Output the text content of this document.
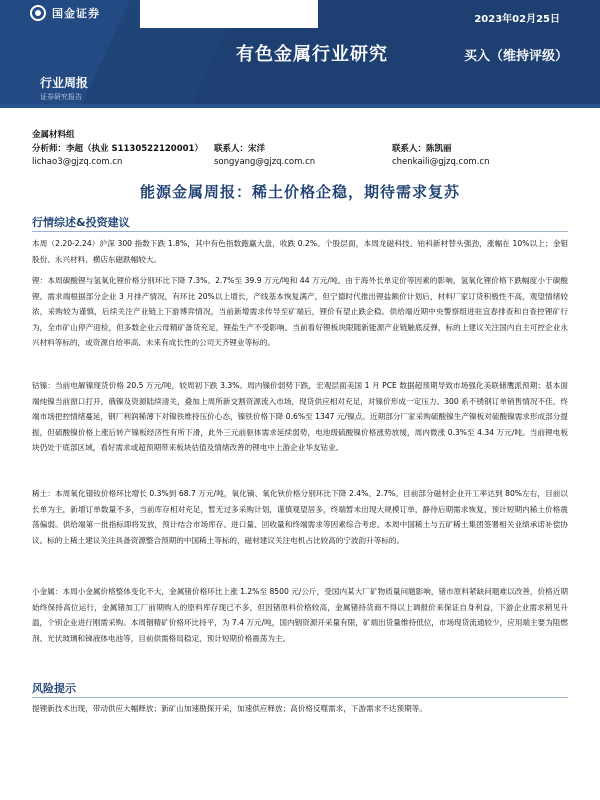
国金证券	2023年02月25日
有色金属行业研究	买入（维持评级）
行业周报
证券研究报告
金属材料组
分析师：李超（执业 S1130522120001）
lichao3@gjzq.com.cn
联系人：宋洋
songyang@gjzq.com.cn
联系人：陈凯丽
chenkaili@gjzq.com.cn
能源金属周报：稀土价格企稳，期待需求复苏
行情综述&投资建议
本周（2.20-2.24）沪深 300 指数下跌 1.8%，其中有色指数跑赢大盘，收跌 0.2%。个股层面，本周龙磁科技、铂科新材替头强劲，涨幅在 10%以上；金钼股份、永兴材料、横店东磁跌幅较大。
锂：本周碳酸锂与氢氧化锂价格分别环比下降 7.3%、2.7%至 39.9 万元/吨和 44 万元/吨。由于海外长单定价等因素的影响，氢氧化锂价格下跌幅度小于碳酸锂。需求端根据部分企业 3 月排产情况，有环比 20%以上增长，产线基本恢复满产，但宁德时代推出锂盐额价计划后，材料厂家订货积极性不高，观望情绪较浓，采购较为谨慎，后续关注产业链上下游博弈情况，当前新增需求传导至矿端后，锂价有望止跌企稳。供给端近期中央警察组进驻宜春排查和自查控锂矿行为，全市矿山停产迎检，但多数企业云母精矿备货充足，锂盐生产不受影响。当前看好锂板块限随新能源产业链触底反弹，标的上建议关注国内自主可控企业永兴材料等标的，或资源自给率高、未来有成长性的公司天齐锂业等标的。
钴镍：当前电解镍现货价格 20.5 万元/吨，较周初下跌 3.3%。周内镍价弱势下跌，宏观层面美国 1 月 PCE 数据超预期导致市场强化美联储鹰派预期；基本面端纯镍当前窗口打开，俄镍及资源陆续清关，叠加上周所新交割资源流入市场，现货供应相对充足，对镍价形成一定压力。300 系不锈钢订单销售情况不佳，终端市场把控情绪蔓延，钢厂利润稀薄下对镍铁维持压价心态，镍铁价格下降 0.6%至 1347 元/镍点。近期部分厂家采购硫酸镍生产镍板对硫酸镍需求形成部分提振，但硫酸镍价格上涨后转产镍板经济性有所下滑，此外三元前驱体需求延续弱势，电池级硫酸镍价格涨势放缓，周内微涨 0.3%至 4.34 万元/吨。当前锂电板块仍处于底部区域，看好需求或超预期带来板块估值及情绪改善的锂电中上游企业华友钴业。
稀土：本周氧化镨钕价格环比增长 0.3%到 68.7 万元/吨，氧化镝、氧化钬价格分别环比下降 2.4%、2.7%。目前部分磁材企业开工率达到 80%左右，目前以长单为主，新增订单数量不多，当前库存相对充足，暂无过多采购计划，谨慎观望居多，终端暂未出现大规模订单，静待后期需求恢复，预计短期内稀土价格震荡偏弱。供给端第一批指标即将发放，预计结合市场库存、进口量、回收量和终端需求等因素综合考虑。本周中国稀土与五矿稀土集团签署相关业绩承诺补偿协议。标的上稀土建议关注具备资源整合预期的中国稀土等标的，磁材建议关注电机占比较高的宁波韵升等标的。
小金属：本周小金属价格整体变化不大，金属锗价格环比上涨 1.2%至 8500 元/公斤，受国内某大厂矿物质量问题影响，锗市原料紧缺问题难以改善，价格近期始终保持高位运行，金属锗加工厂前期购入的原料库存现已不多，但因锗原料价格较高，金属锗持货商不得以上调报价来保证自身利益，下游企业需求稍见升温，个别企业进行刚需采购。本周铟精矿价格环比持平，为 7.4 万元/吨，国内铟资源开采量有限，矿端出货量维持低位，市场现货流通较少，应用端主要为阻燃剂、光伏玻璃和锑液体电池等，目前供需格局稳定，预计短期价格震荡为主。
风险提示
提锂新技术出现，带动供应大幅释放；新矿山加速勘探开采，加速供应释放；高价格反噬需求，下游需求不达预期等。
